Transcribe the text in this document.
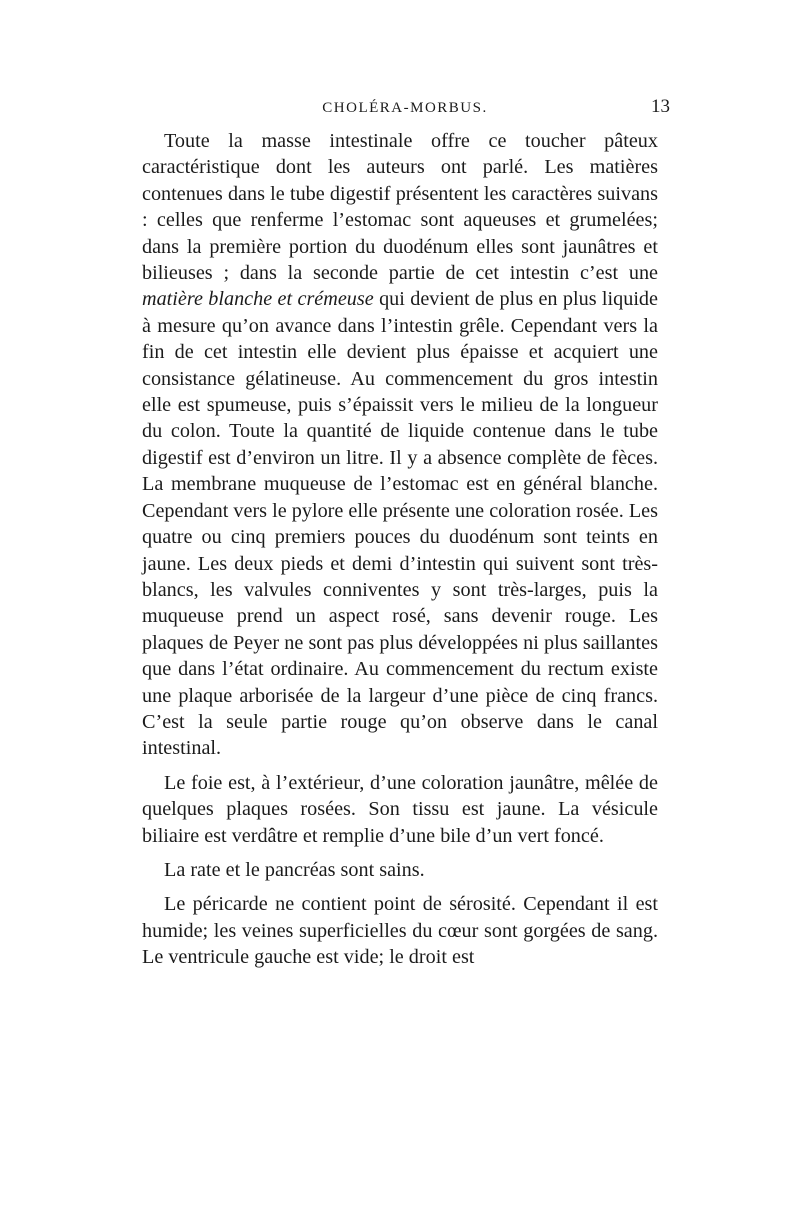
CHOLÉRA-MORBUS.	13

Toute la masse intestinale offre ce toucher pâteux caractéristique dont les auteurs ont parlé. Les matières contenues dans le tube digestif présentent les caractères suivans : celles que renferme l’estomac sont aqueuses et grumelées; dans la première portion du duodénum elles sont jaunâtres et bilieuses ; dans la seconde partie de cet intestin c’est une matière blanche et crémeuse qui devient de plus en plus liquide à mesure qu’on avance dans l’intestin grêle. Cependant vers la fin de cet intestin elle devient plus épaisse et acquiert une consistance gélatineuse. Au commencement du gros intestin elle est spumeuse, puis s’épaissit vers le milieu de la longueur du colon. Toute la quantité de liquide contenue dans le tube digestif est d’environ un litre. Il y a absence complète de fèces. La membrane muqueuse de l’estomac est en général blanche. Cependant vers le pylore elle présente une coloration rosée. Les quatre ou cinq premiers pouces du duodénum sont teints en jaune. Les deux pieds et demi d’intestin qui suivent sont très-blancs, les valvules conniventes y sont très-larges, puis la muqueuse prend un aspect rosé, sans devenir rouge. Les plaques de Peyer ne sont pas plus développées ni plus saillantes que dans l’état ordinaire. Au commencement du rectum existe une plaque arborisée de la largeur d’une pièce de cinq francs. C’est la seule partie rouge qu’on observe dans le canal intestinal.

Le foie est, à l’extérieur, d’une coloration jaunâtre, mêlée de quelques plaques rosées. Son tissu est jaune. La vésicule biliaire est verdâtre et remplie d’une bile d’un vert foncé.

La rate et le pancréas sont sains.

Le péricarde ne contient point de sérosité. Cependant il est humide; les veines superficielles du cœur sont gorgées de sang. Le ventricule gauche est vide; le droit est
